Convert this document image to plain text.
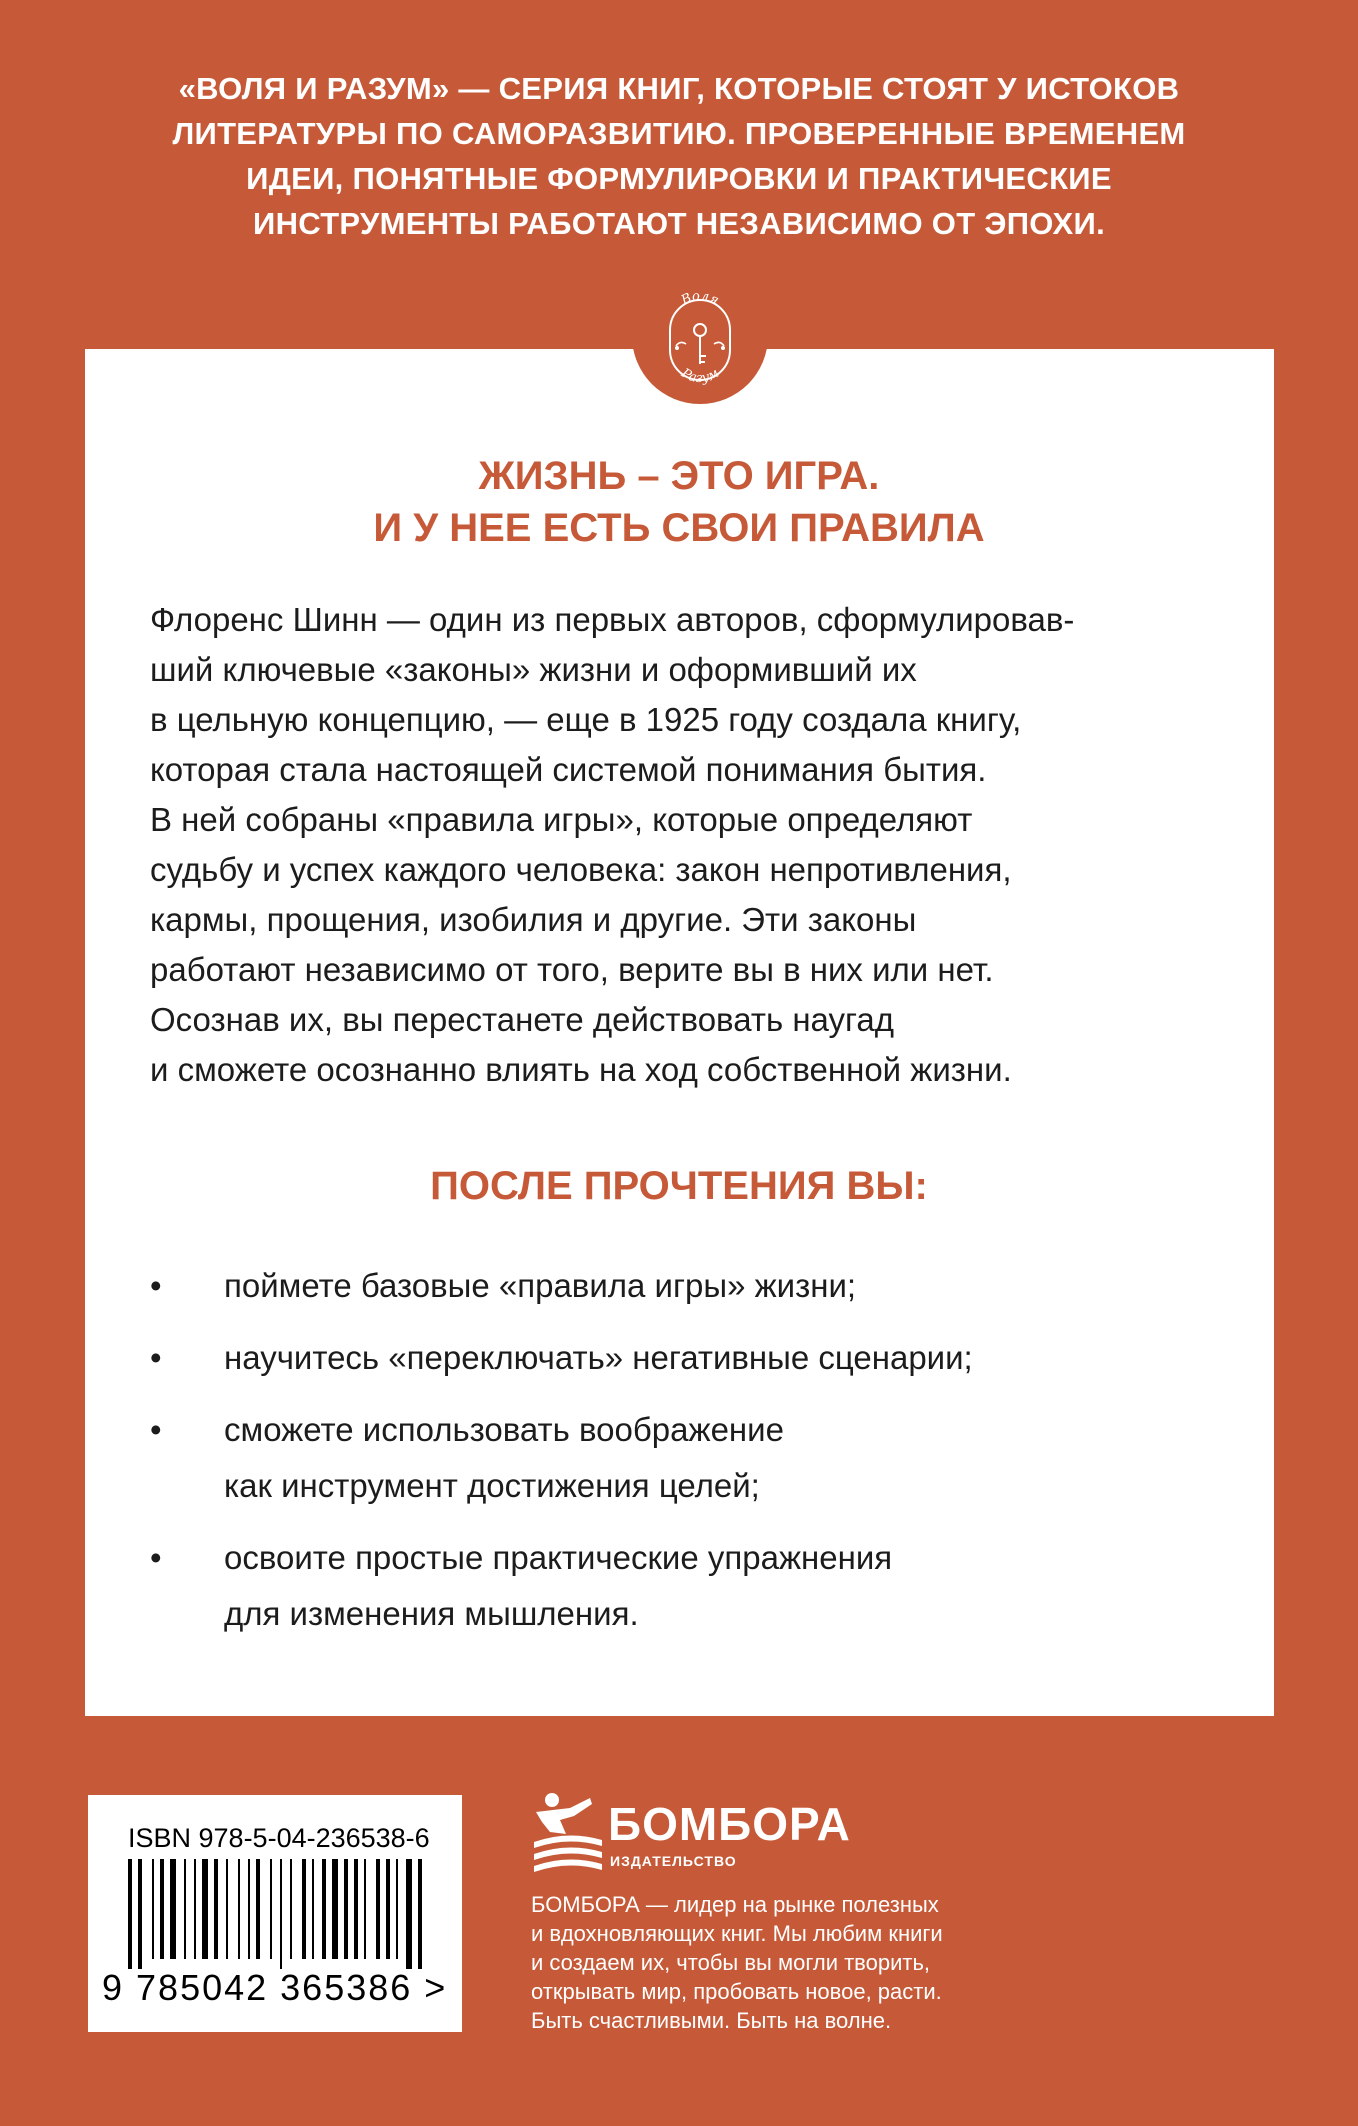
«ВОЛЯ И РАЗУМ» — СЕРИЯ КНИГ, КОТОРЫЕ СТОЯТ У ИСТОКОВ
ЛИТЕРАТУРЫ ПО САМОРАЗВИТИЮ. ПРОВЕРЕННЫЕ ВРЕМЕНЕМ
ИДЕИ, ПОНЯТНЫЕ ФОРМУЛИРОВКИ И ПРАКТИЧЕСКИЕ
ИНСТРУМЕНТЫ РАБОТАЮТ НЕЗАВИСИМО ОТ ЭПОХИ.
Воля
Разум
ЖИЗНЬ – ЭТО ИГРА.
И У НЕЕ ЕСТЬ СВОИ ПРАВИЛА
Флоренс Шинн — один из первых авторов, сформулировав-
ший ключевые «законы» жизни и оформивший их
в цельную концепцию, — еще в 1925 году создала книгу,
которая стала настоящей системой понимания бытия.
В ней собраны «правила игры», которые определяют
судьбу и успех каждого человека: закон непротивления,
кармы, прощения, изобилия и другие. Эти законы
работают независимо от того, верите вы в них или нет.
Осознав их, вы перестанете действовать наугад
и сможете осознанно влиять на ход собственной жизни.
ПОСЛЕ ПРОЧТЕНИЯ ВЫ:
•	поймете базовые «правила игры» жизни;
•	научитесь «переключать» негативные сценарии;
•	сможете использовать воображение
как инструмент достижения целей;
•	освоите простые практические упражнения
для изменения мышления.
ISBN 978-5-04-236538-6
9 785042 365386 >
БОМБОРА
ИЗДАТЕЛЬСТВО
БОМБОРА — лидер на рынке полезных
и вдохновляющих книг. Мы любим книги
и создаем их, чтобы вы могли творить,
открывать мир, пробовать новое, расти.
Быть счастливыми. Быть на волне.
